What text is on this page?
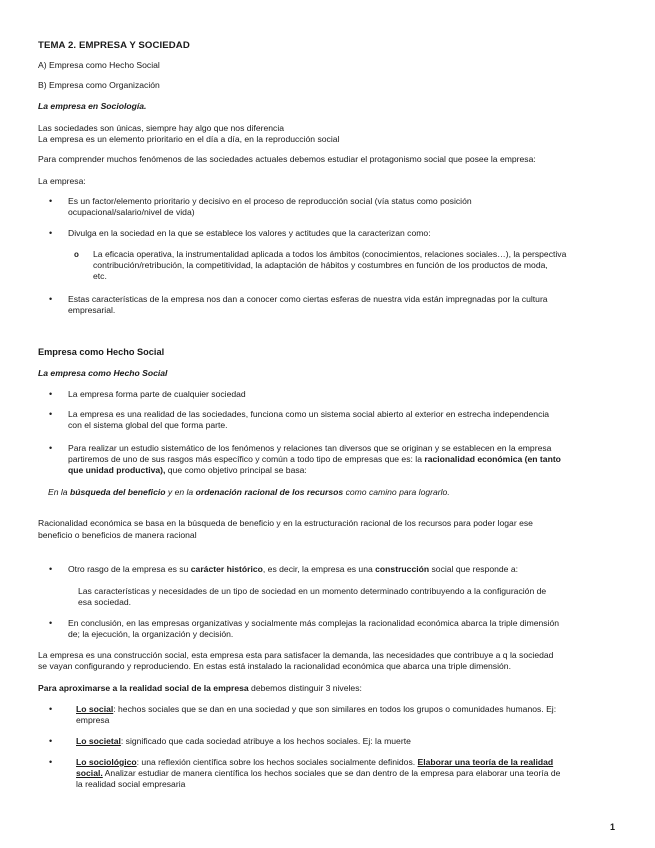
TEMA 2. EMPRESA Y SOCIEDAD

A) Empresa como Hecho Social

B) Empresa como Organización

La empresa en Sociología.

Las sociedades son únicas, siempre hay algo que nos diferencia

La empresa es un elemento prioritario en el día a día, en la reproducción social

Para comprender muchos fenómenos de las sociedades actuales debemos estudiar el protagonismo social que posee la empresa:

La empresa:

• Es un factor/elemento prioritario y decisivo en el proceso de reproducción social (vía status como posición

ocupacional/salario/nivel de vida)

• Divulga en la sociedad en la que se establece los valores y actitudes que la caracterizan como:

o La eficacia operativa, la instrumentalidad aplicada a todos los ámbitos (conocimientos, relaciones sociales…), la perspectiva

contribución/retribución, la competitividad, la adaptación de hábitos y costumbres en función de los productos de moda,

etc.

• Estas características de la empresa nos dan a conocer como ciertas esferas de nuestra vida están impregnadas por la cultura

empresarial.

Empresa como Hecho Social

La empresa como Hecho Social

• La empresa forma parte de cualquier sociedad

• La empresa es una realidad de las sociedades, funciona como un sistema social abierto al exterior en estrecha independencia

con el sistema global del que forma parte.

• Para realizar un estudio sistemático de los fenómenos y relaciones tan diversos que se originan y se establecen en la empresa

partiremos de uno de sus rasgos más específico y común a todo tipo de empresas que es: la racionalidad económica (en tanto

que unidad productiva), que como objetivo principal se basa:

En la búsqueda del beneficio y en la ordenación racional de los recursos como camino para lograrlo.

Racionalidad económica se basa en la búsqueda de beneficio y en la estructuración racional de los recursos para poder logar ese

beneficio o beneficios de manera racional

• Otro rasgo de la empresa es su carácter histórico, es decir, la empresa es una construcción social que responde a:

Las características y necesidades de un tipo de sociedad en un momento determinado contribuyendo a la configuración de

esa sociedad.

• En conclusión, en las empresas organizativas y socialmente más complejas la racionalidad económica abarca la triple dimensión

de; la ejecución, la organización y decisión.

La empresa es una construcción social, esta empresa esta para satisfacer la demanda, las necesidades que contribuye a q la sociedad

se vayan configurando y reproduciendo. En estas está instalado la racionalidad económica que abarca una triple dimensión.

Para aproximarse a la realidad social de la empresa debemos distinguir 3 niveles:

•	Lo social: hechos sociales que se dan en una sociedad y que son similares en todos los grupos o comunidades humanos. Ej:

empresa

•	Lo societal: significado que cada sociedad atribuye a los hechos sociales. Ej: la muerte

•	Lo sociológico: una reflexión científica sobre los hechos sociales socialmente definidos. Elaborar una teoría de la realidad

social. Analizar estudiar de manera científica los hechos sociales que se dan dentro de la empresa para elaborar una teoría de

la realidad social empresaria

1
